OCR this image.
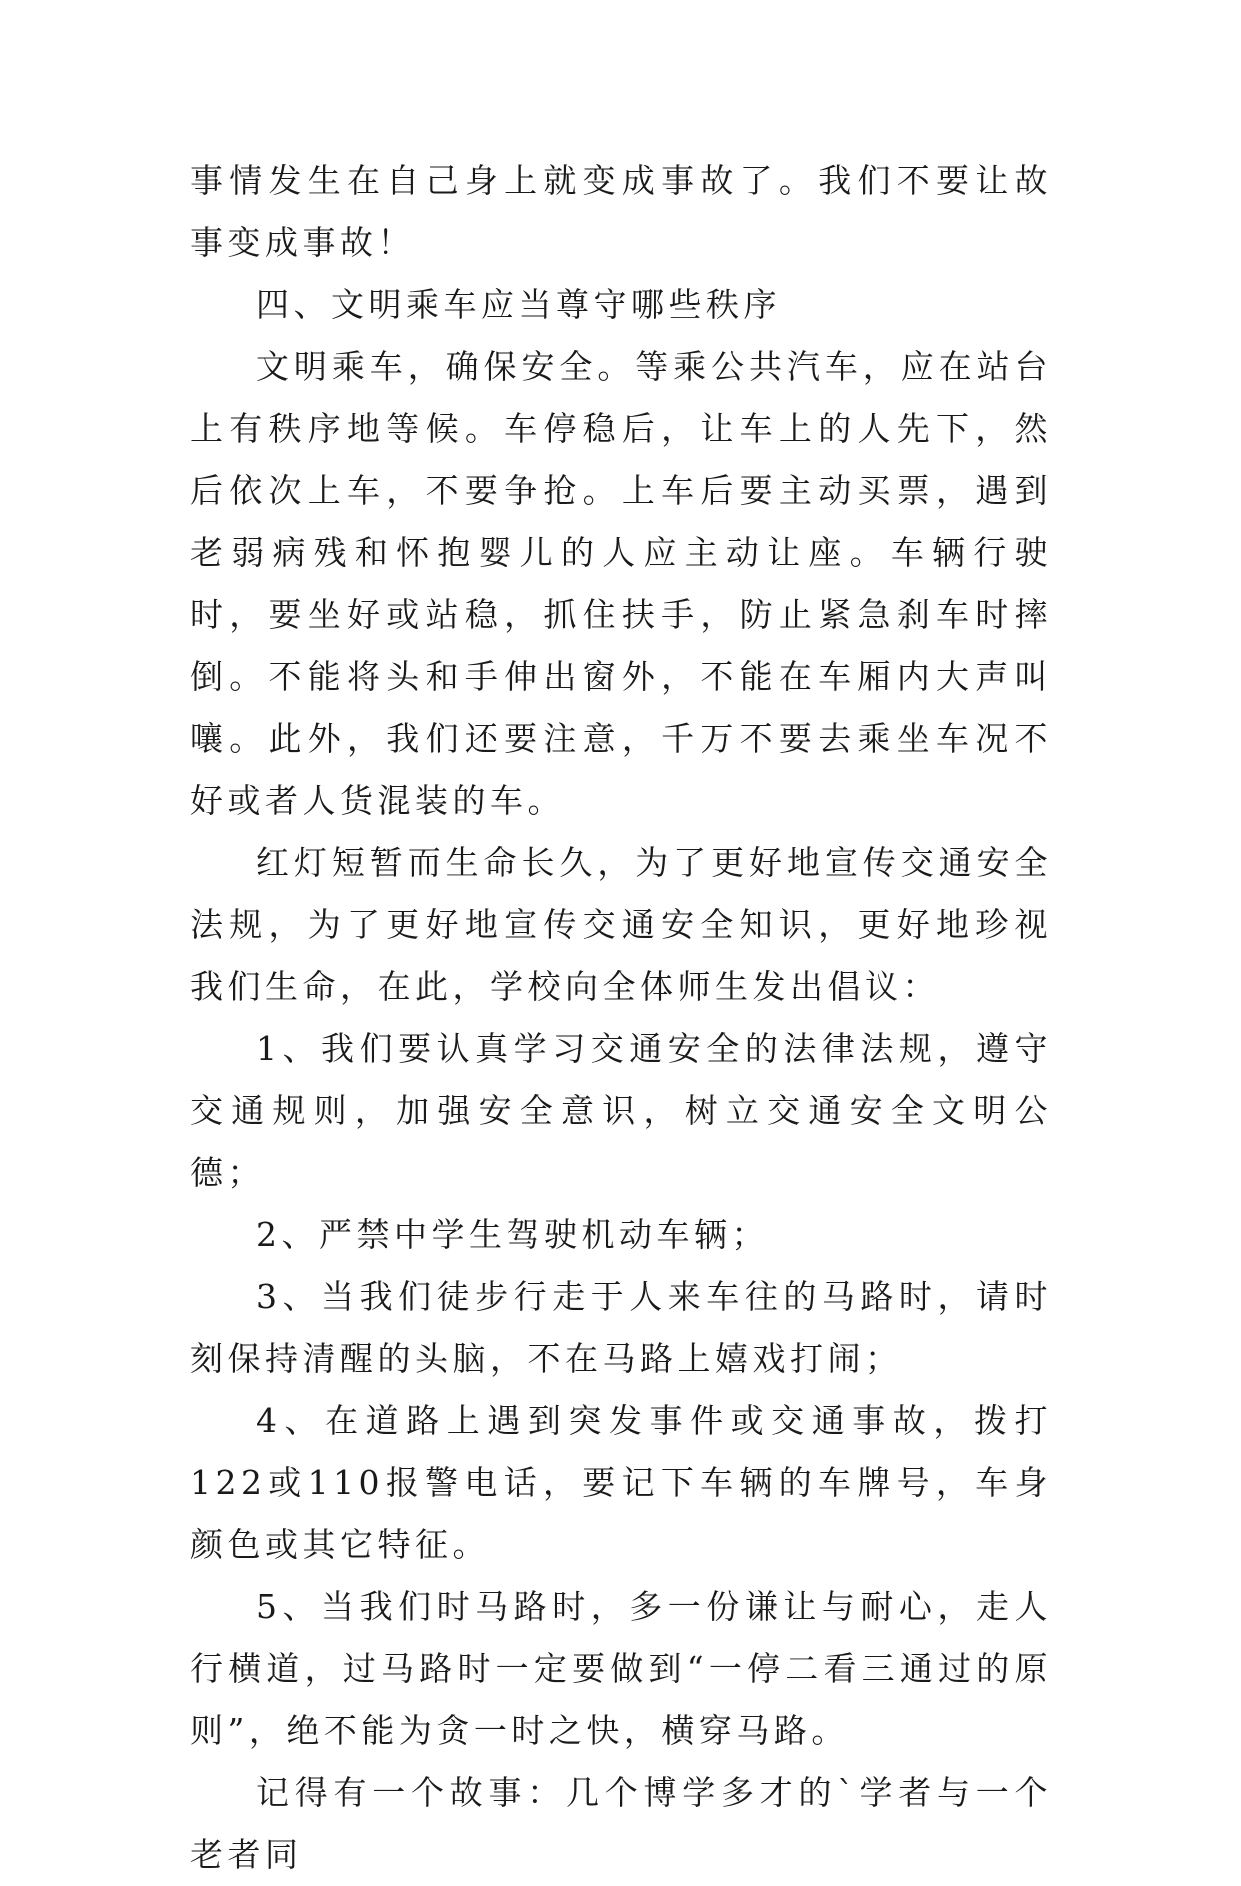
事情发生在自己身上就变成事故了。我们不要让故事变成事故！

四、文明乘车应当尊守哪些秩序

文明乘车，确保安全。等乘公共汽车，应在站台上有秩序地等候。车停稳后，让车上的人先下，然后依次上车，不要争抢。上车后要主动买票，遇到老弱病残和怀抱婴儿的人应主动让座。车辆行驶时，要坐好或站稳，抓住扶手，防止紧急刹车时摔倒。不能将头和手伸出窗外，不能在车厢内大声叫嚷。此外，我们还要注意，千万不要去乘坐车况不好或者人货混装的车。

红灯短暂而生命长久，为了更好地宣传交通安全法规，为了更好地宣传交通安全知识，更好地珍视我们生命，在此，学校向全体师生发出倡议：

1、我们要认真学习交通安全的法律法规，遵守交通规则，加强安全意识，树立交通安全文明公德；

2、严禁中学生驾驶机动车辆；

3、当我们徒步行走于人来车往的马路时，请时刻保持清醒的头脑，不在马路上嬉戏打闹；

4、在道路上遇到突发事件或交通事故，拨打122或110报警电话，要记下车辆的车牌号，车身颜色或其它特征。

5、当我们时马路时，多一份谦让与耐心，走人行横道，过马路时一定要做到“一停二看三通过的原则”，绝不能为贪一时之快，横穿马路。

记得有一个故事：几个博学多才的`学者与一个老者同
